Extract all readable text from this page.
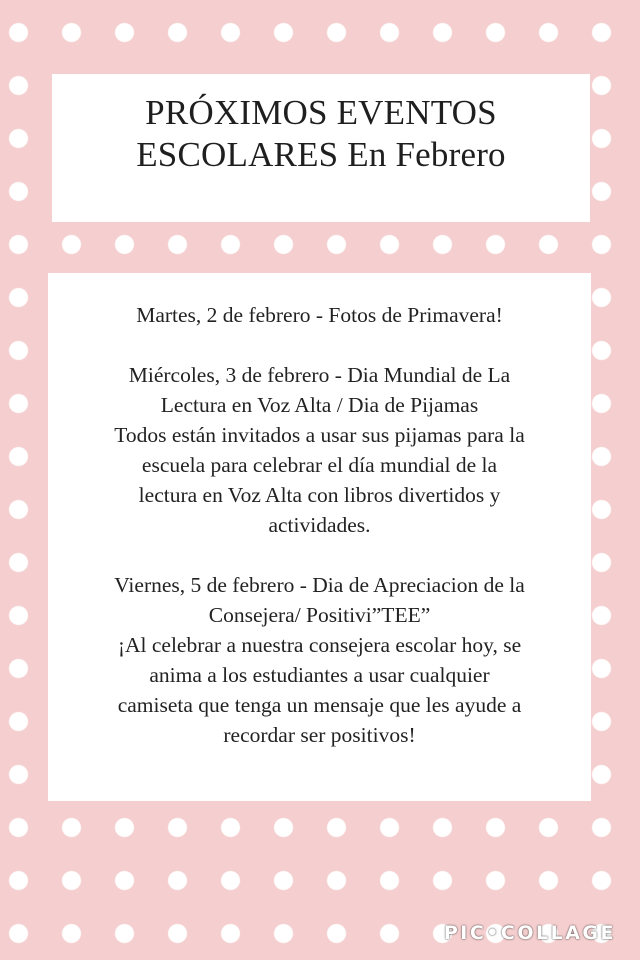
PRÓXIMOS EVENTOS
ESCOLARES En Febrero
Martes, 2 de febrero - Fotos de Primavera!
Miércoles, 3 de febrero - Dia Mundial de La
Lectura en Voz Alta / Dia de Pijamas
Todos están invitados a usar sus pijamas para la
escuela para celebrar el día mundial de la
lectura en Voz Alta con libros divertidos y
actividades.
Viernes, 5 de febrero - Dia de Apreciacion de la
Consejera/ Positivi”TEE”
¡Al celebrar a nuestra consejera escolar hoy, se
anima a los estudiantes a usar cualquier
camiseta que tenga un mensaje que les ayude a
recordar ser positivos!
PIC•COLLAGE
